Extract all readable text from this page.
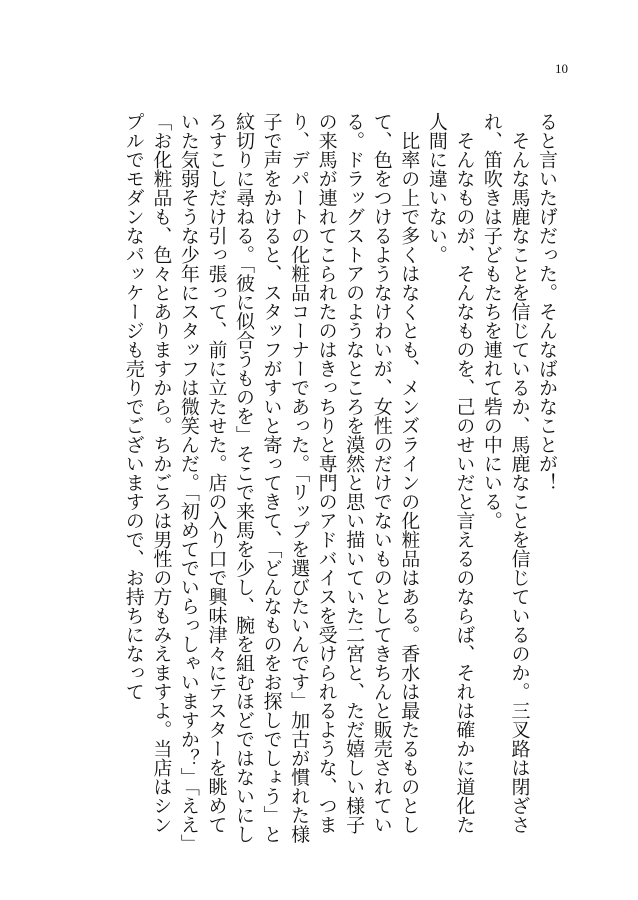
10

ると言いたげだった。そんなばかなことが！

そんな馬鹿なことを信じているか、馬鹿なことを信じているのか。三叉路は閉ざされ、笛吹きは子どもたちを連れて砦の中にいる。

そんなものが、そんなものを、己のせいだと言えるのならば、それは確かに道化た人間に違いない。

比率の上で多くはなくとも、メンズラインの化粧品はある。香水は最たるものとして、色をつけるようなけわいが、女性のだけでないものとしてきちんと販売されている。ドラッグストアのようなところを漠然と思い描いていた二宮と、ただ嬉しい様子の来馬が連れてこられたのはきっちりと専門のアドバイスを受けられるような、つまり、デパートの化粧品コーナーであった。「リップを選びたいんです」加古が慣れた様子で声をかけると、スタッフがすいと寄ってきて、「どんなものをお探しでしょう」と紋切りに尋ねる。「彼に似合うものを」そこで来馬を少し、腕を組むほどではないにしろすこしだけ引っ張って、前に立たせた。店の入り口で興味津々にテスターを眺めていた気弱そうな少年にスタッフは微笑んだ。「初めてでいらっしゃいますか？」「ええ」「お化粧品も、色々とありますから。ちかごろは男性の方もみえますよ。当店はシンプルでモダンなパッケージも売りでございますので、お持ちになって
